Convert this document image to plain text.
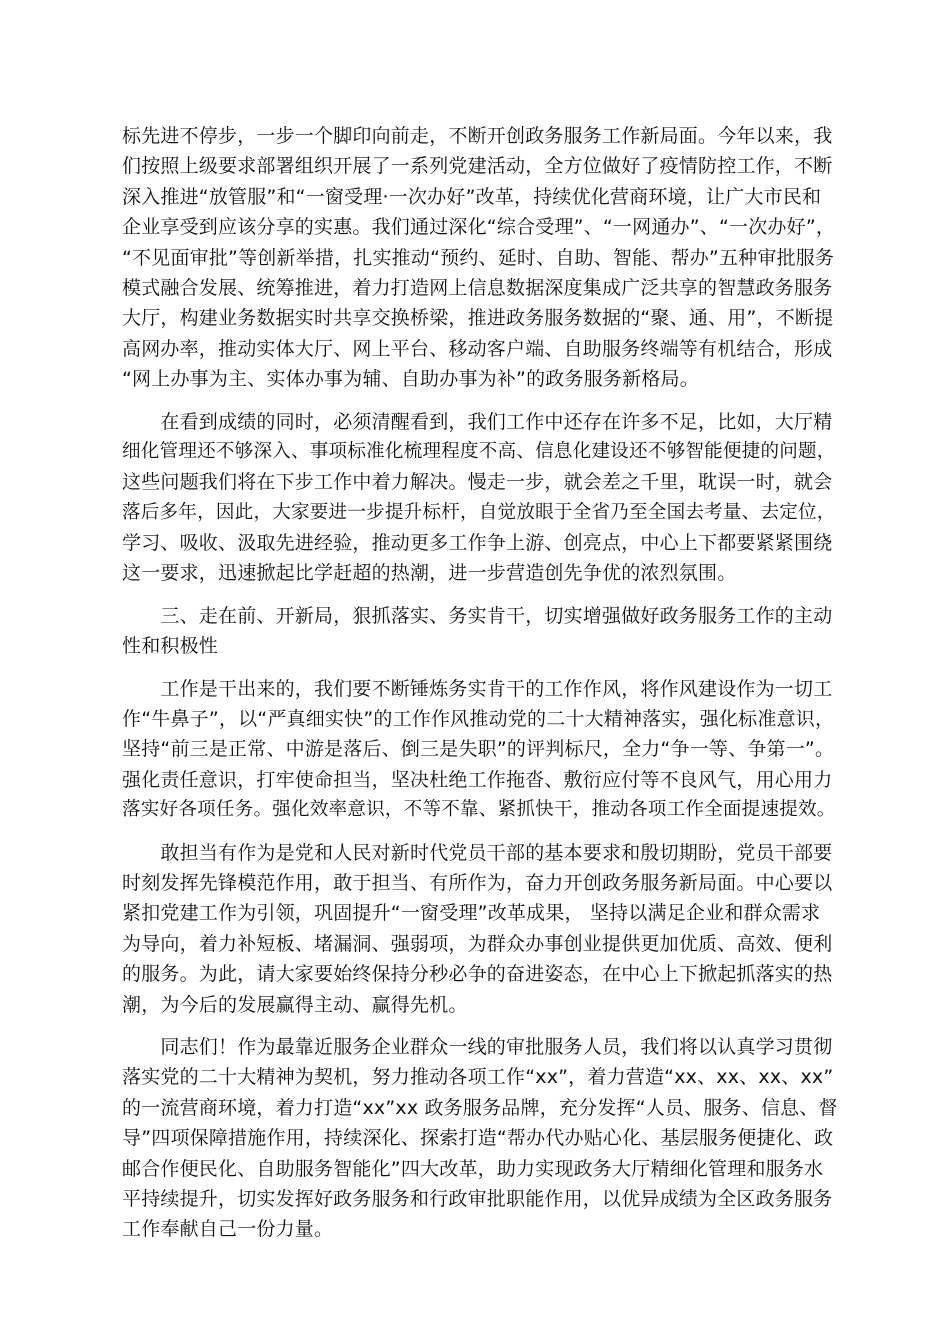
标先进不停步，一步一个脚印向前走，不断开创政务服务工作新局面。今年以来，我
们按照上级要求部署组织开展了一系列党建活动，全方位做好了疫情防控工作，不断
深入推进“放管服”和“一窗受理·一次办好”改革，持续优化营商环境，让广大市民和
企业享受到应该分享的实惠。我们通过深化“综合受理”、“一网通办”、“一次办好”，
“不见面审批”等创新举措，扎实推动“预约、延时、自助、智能、帮办”五种审批服务
模式融合发展、统筹推进，着力打造网上信息数据深度集成广泛共享的智慧政务服务
大厅，构建业务数据实时共享交换桥梁，推进政务服务数据的“聚、通、用”，不断提
高网办率，推动实体大厅、网上平台、移动客户端、自助服务终端等有机结合，形成
“网上办事为主、实体办事为辅、自助办事为补”的政务服务新格局。
　　在看到成绩的同时，必须清醒看到，我们工作中还存在许多不足，比如，大厅精
细化管理还不够深入、事项标准化梳理程度不高、信息化建设还不够智能便捷的问题，
这些问题我们将在下步工作中着力解决。慢走一步，就会差之千里，耽误一时，就会
落后多年，因此，大家要进一步提升标杆，自觉放眼于全省乃至全国去考量、去定位，
学习、吸收、汲取先进经验，推动更多工作争上游、创亮点，中心上下都要紧紧围绕
这一要求，迅速掀起比学赶超的热潮，进一步营造创先争优的浓烈氛围。
　　三、走在前、开新局，狠抓落实、务实肯干，切实增强做好政务服务工作的主动
性和积极性
　　工作是干出来的，我们要不断锤炼务实肯干的工作作风，将作风建设作为一切工
作“牛鼻子”，以“严真细实快”的工作作风推动党的二十大精神落实，强化标准意识，
坚持“前三是正常、中游是落后、倒三是失职”的评判标尺，全力“争一等、争第一”。
强化责任意识，打牢使命担当，坚决杜绝工作拖沓、敷衍应付等不良风气，用心用力
落实好各项任务。强化效率意识，不等不靠、紧抓快干，推动各项工作全面提速提效。
　　敢担当有作为是党和人民对新时代党员干部的基本要求和殷切期盼，党员干部要
时刻发挥先锋模范作用，敢于担当、有所作为，奋力开创政务服务新局面。中心要以
紧扣党建工作为引领，巩固提升“一窗受理”改革成果， 坚持以满足企业和群众需求
为导向，着力补短板、堵漏洞、强弱项，为群众办事创业提供更加优质、高效、便利
的服务。为此，请大家要始终保持分秒必争的奋进姿态，在中心上下掀起抓落实的热
潮，为今后的发展赢得主动、赢得先机。
　　同志们！作为最靠近服务企业群众一线的审批服务人员，我们将以认真学习贯彻
落实党的二十大精神为契机，努力推动各项工作“xx”，着力营造“xx、xx、xx、xx”
的一流营商环境，着力打造“xx”xx 政务服务品牌，充分发挥“人员、服务、信息、督
导”四项保障措施作用，持续深化、探索打造“帮办代办贴心化、基层服务便捷化、政
邮合作便民化、自助服务智能化”四大改革，助力实现政务大厅精细化管理和服务水
平持续提升，切实发挥好政务服务和行政审批职能作用，以优异成绩为全区政务服务
工作奉献自己一份力量。
